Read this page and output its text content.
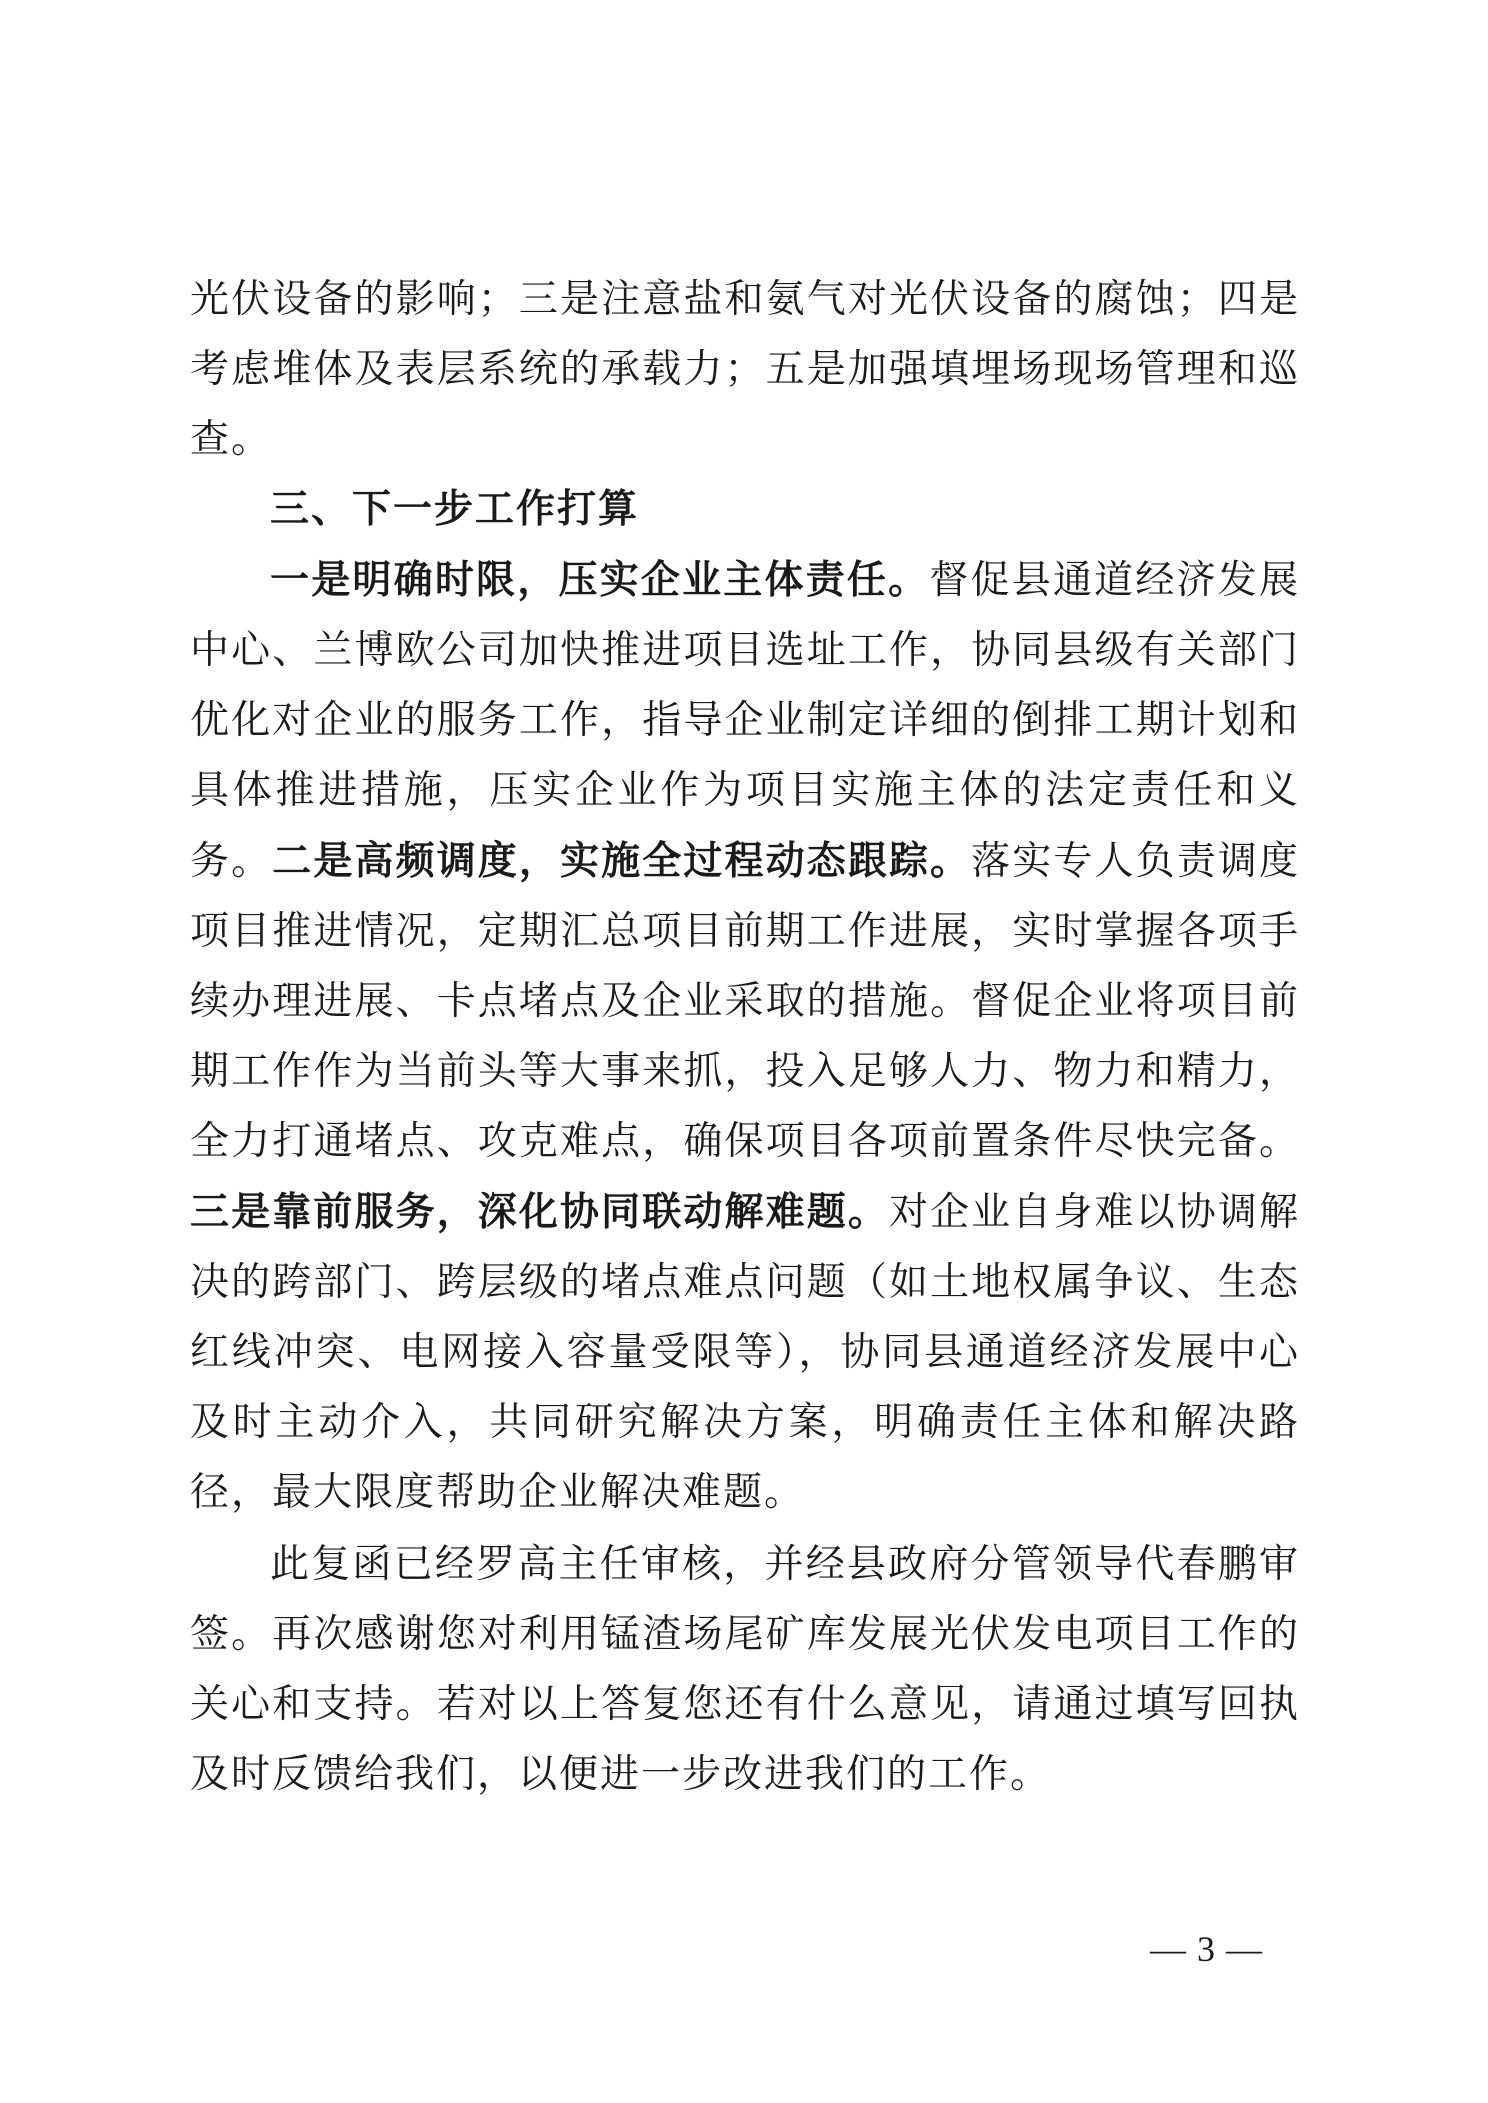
光伏设备的影响；三是注意盐和氨气对光伏设备的腐蚀；四是考虑堆体及表层系统的承载力；五是加强填埋场现场管理和巡查。

三、下一步工作打算

一是明确时限，压实企业主体责任。督促县通道经济发展中心、兰博欧公司加快推进项目选址工作，协同县级有关部门优化对企业的服务工作，指导企业制定详细的倒排工期计划和具体推进措施，压实企业作为项目实施主体的法定责任和义务。二是高频调度，实施全过程动态跟踪。落实专人负责调度项目推进情况，定期汇总项目前期工作进展，实时掌握各项手续办理进展、卡点堵点及企业采取的措施。督促企业将项目前期工作作为当前头等大事来抓，投入足够人力、物力和精力，全力打通堵点、攻克难点，确保项目各项前置条件尽快完备。三是靠前服务，深化协同联动解难题。对企业自身难以协调解决的跨部门、跨层级的堵点难点问题（如土地权属争议、生态红线冲突、电网接入容量受限等），协同县通道经济发展中心及时主动介入，共同研究解决方案，明确责任主体和解决路径，最大限度帮助企业解决难题。

此复函已经罗高主任审核，并经县政府分管领导代春鹏审签。再次感谢您对利用锰渣场尾矿库发展光伏发电项目工作的关心和支持。若对以上答复您还有什么意见，请通过填写回执及时反馈给我们，以便进一步改进我们的工作。

— 3 —
